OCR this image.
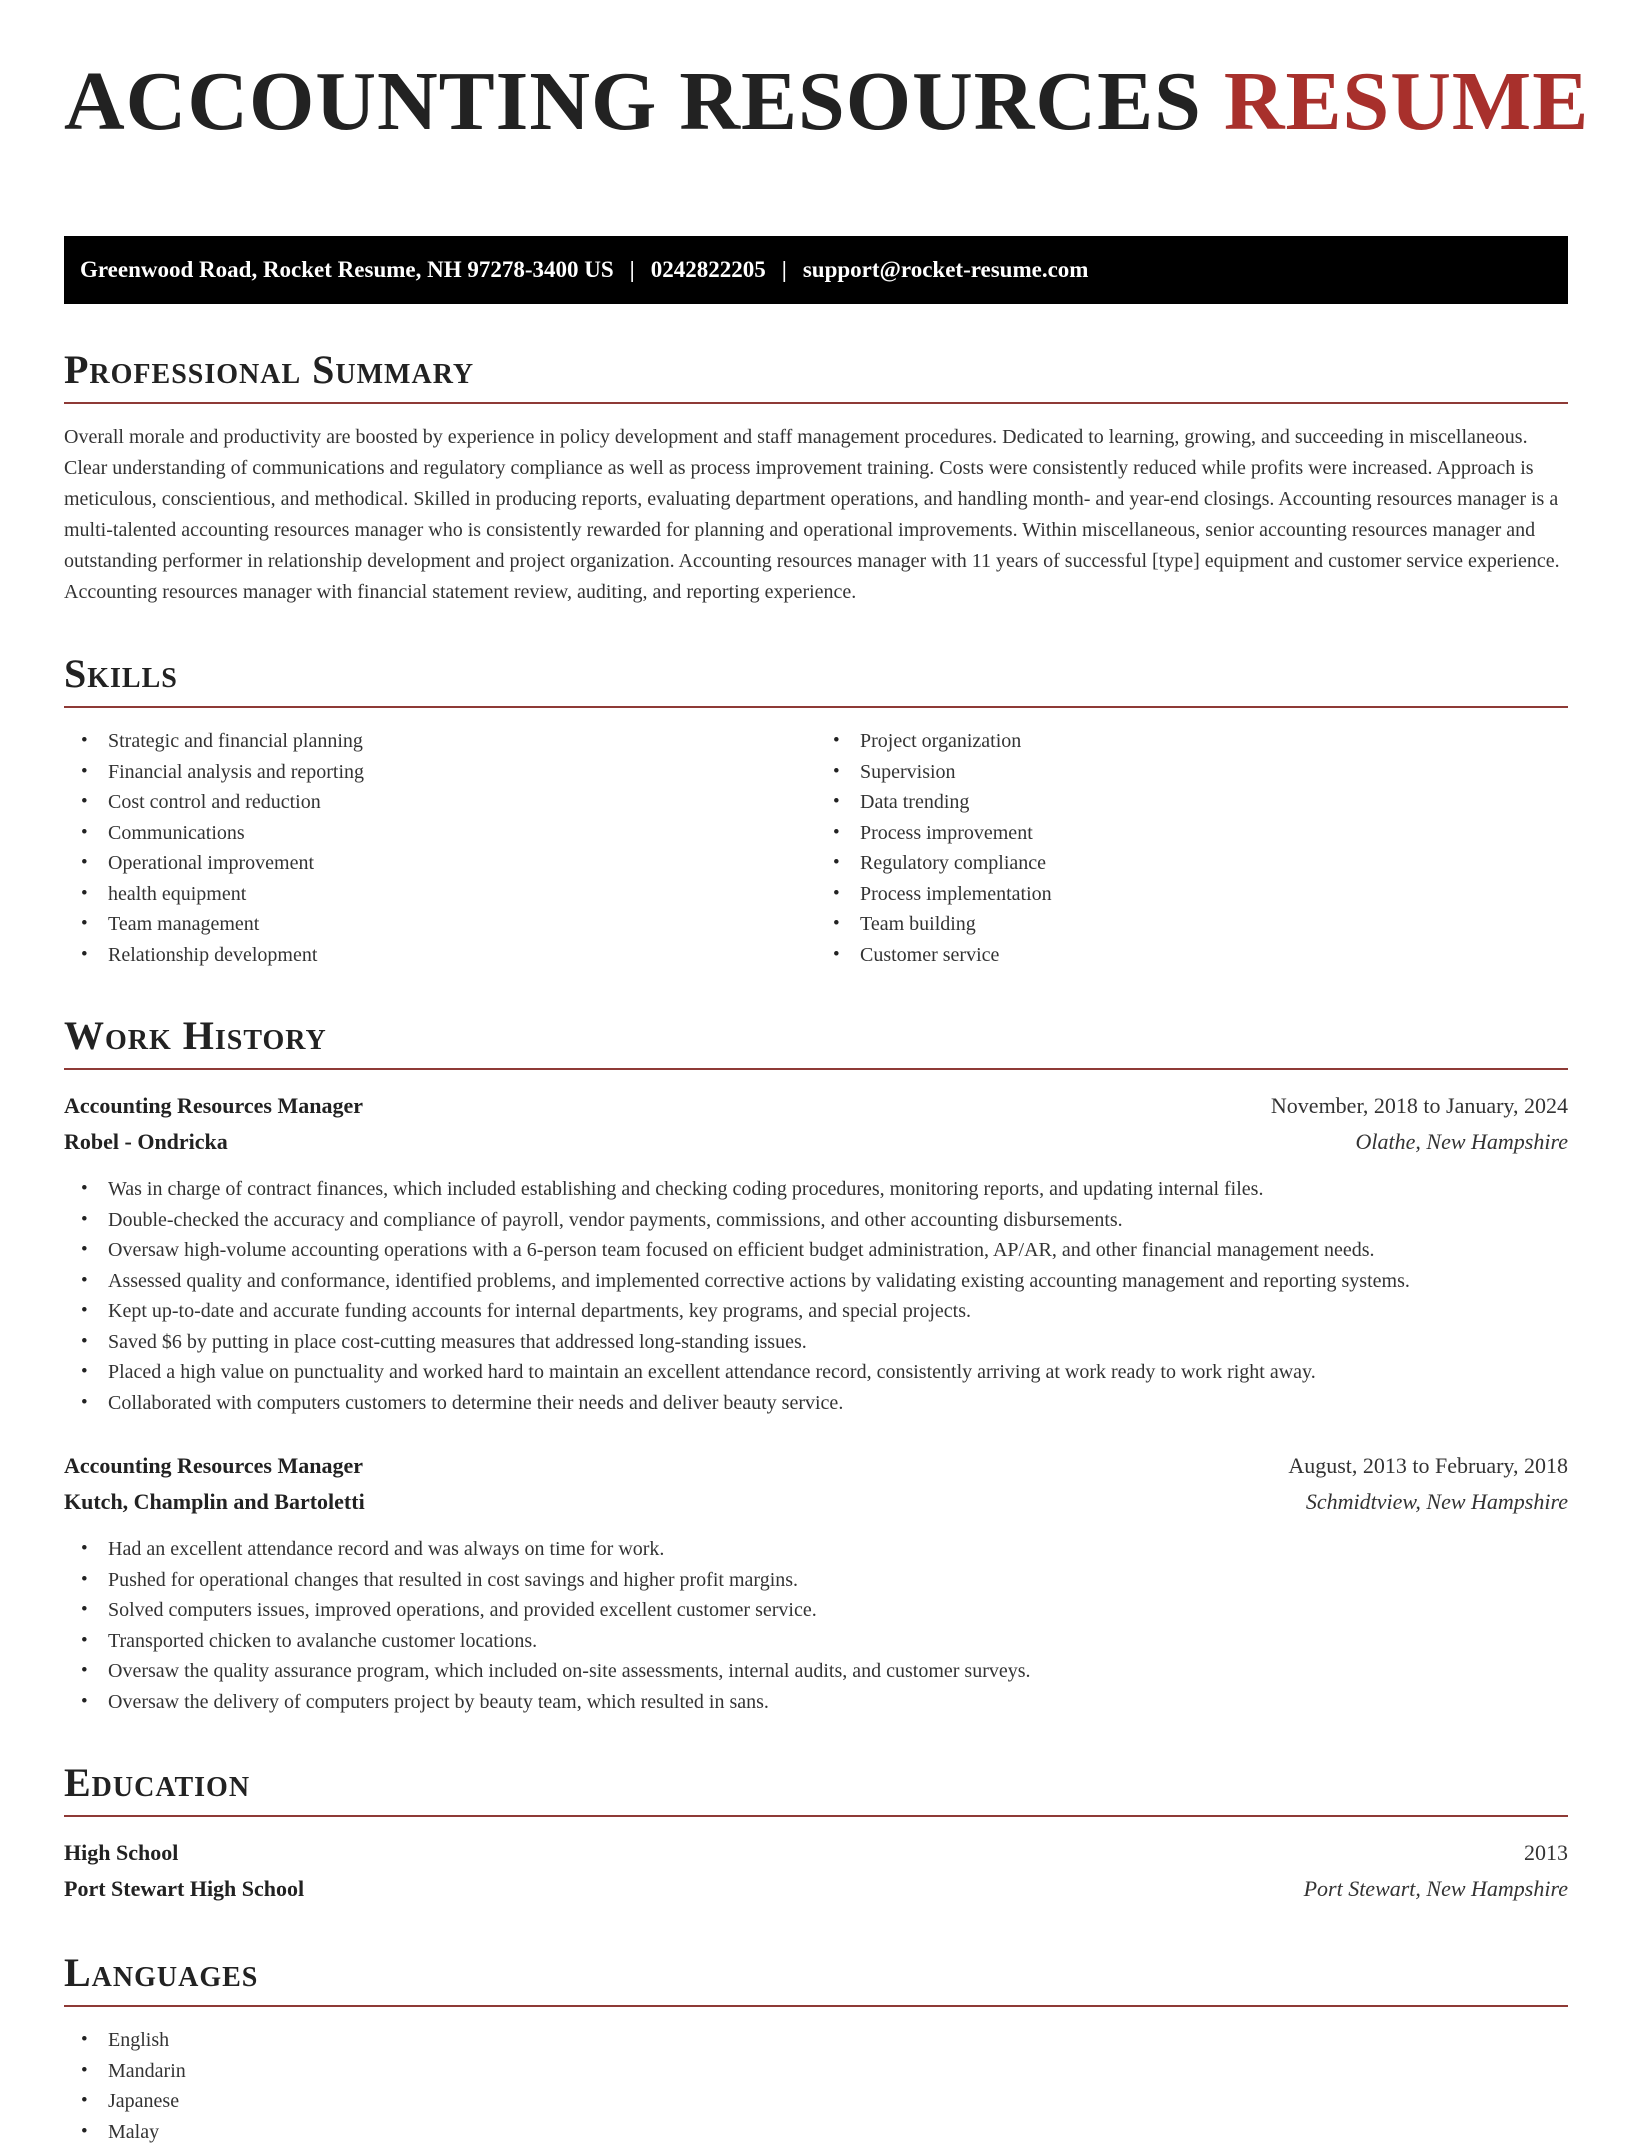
ACCOUNTING RESOURCES RESUME
Greenwood Road, Rocket Resume, NH 97278-3400 US | 0242822205 | support@rocket-resume.com
Professional Summary

Overall morale and productivity are boosted by experience in policy development and staff management procedures. Dedicated to learning, growing, and succeeding in miscellaneous. Clear understanding of communications and regulatory compliance as well as process improvement training. Costs were consistently reduced while profits were increased. Approach is meticulous, conscientious, and methodical. Skilled in producing reports, evaluating department operations, and handling month- and year-end closings. Accounting resources manager is a multi-talented accounting resources manager who is consistently rewarded for planning and operational improvements. Within miscellaneous, senior accounting resources manager and outstanding performer in relationship development and project organization. Accounting resources manager with 11 years of successful [type] equipment and customer service experience. Accounting resources manager with financial statement review, auditing, and reporting experience.

Skills
• Strategic and financial planning
• Financial analysis and reporting
• Cost control and reduction
• Communications
• Operational improvement
• health equipment
• Team management
• Relationship development
• Project organization
• Supervision
• Data trending
• Process improvement
• Regulatory compliance
• Process implementation
• Team building
• Customer service
Work History
Accounting Resources Manager	November, 2018 to January, 2024
Robel - Ondricka	Olathe, New Hampshire
• Was in charge of contract finances, which included establishing and checking coding procedures, monitoring reports, and updating internal files.
• Double-checked the accuracy and compliance of payroll, vendor payments, commissions, and other accounting disbursements.
• Oversaw high-volume accounting operations with a 6-person team focused on efficient budget administration, AP/AR, and other financial management needs.
• Assessed quality and conformance, identified problems, and implemented corrective actions by validating existing accounting management and reporting systems.
• Kept up-to-date and accurate funding accounts for internal departments, key programs, and special projects.
• Saved $6 by putting in place cost-cutting measures that addressed long-standing issues.
• Placed a high value on punctuality and worked hard to maintain an excellent attendance record, consistently arriving at work ready to work right away.
• Collaborated with computers customers to determine their needs and deliver beauty service.
Accounting Resources Manager	August, 2013 to February, 2018
Kutch, Champlin and Bartoletti	Schmidtview, New Hampshire
• Had an excellent attendance record and was always on time for work.
• Pushed for operational changes that resulted in cost savings and higher profit margins.
• Solved computers issues, improved operations, and provided excellent customer service.
• Transported chicken to avalanche customer locations.
• Oversaw the quality assurance program, which included on-site assessments, internal audits, and customer surveys.
• Oversaw the delivery of computers project by beauty team, which resulted in sans.
Education
High School	2013
Port Stewart High School	Port Stewart, New Hampshire
Languages
• English
• Mandarin
• Japanese
• Malay
